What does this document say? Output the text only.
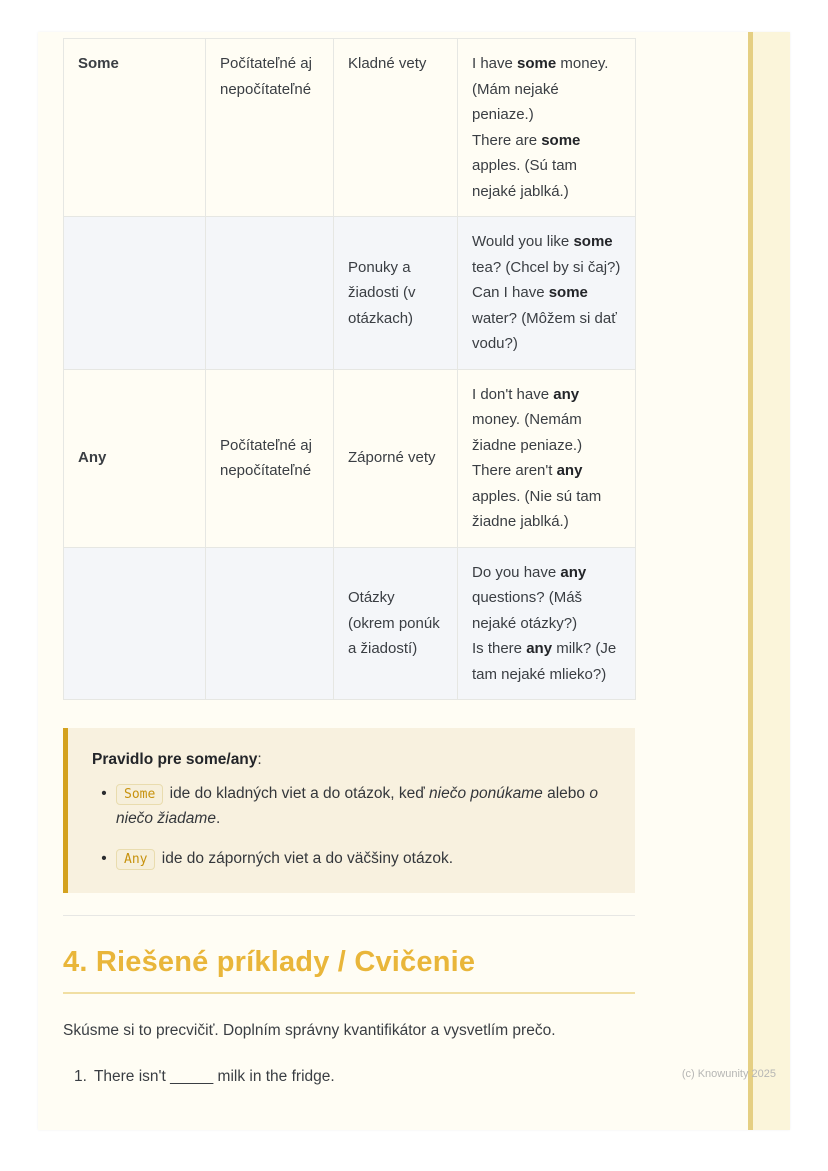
Some	Počítateľné aj nepočítateľné	Kladné vety	I have some money. (Mám nejaké peniaze.)
There are some apples. (Sú tam nejaké jablká.)
		Ponuky a žiadosti (v otázkach)	Would you like some tea? (Chcel by si čaj?)
Can I have some water? (Môžem si dať vodu?)
Any	Počítateľné aj nepočítateľné	Záporné vety	I don't have any money. (Nemám žiadne peniaze.)
There aren't any apples. (Nie sú tam žiadne jablká.)
		Otázky (okrem ponúk a žiadostí)	Do you have any questions? (Máš nejaké otázky?)
Is there any milk? (Je tam nejaké mlieko?)
Pravidlo pre some/any:
•	Some ide do kladných viet a do otázok, keď niečo ponúkame alebo o niečo žiadame.
•	Any ide do záporných viet a do väčšiny otázok.
4. Riešené príklady / Cvičenie

Skúsme si to precvičiť. Doplním správny kvantifikátor a vysvetlím prečo.

1. There isn't _____ milk in the fridge.	(c) Knowunity 2025
